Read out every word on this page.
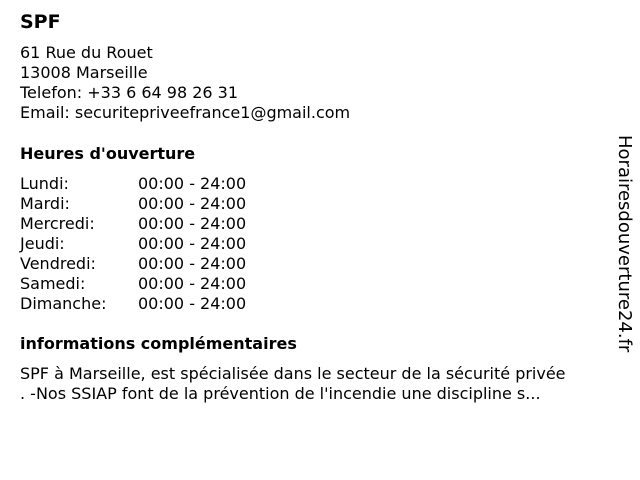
SPF
61 Rue du Rouet
13008 Marseille
Telefon: +33 6 64 98 26 31
Email: securitepriveefrance1@gmail.com
Heures d'ouverture
Lundi:	00:00 - 24:00
Mardi:	00:00 - 24:00
Mercredi:	00:00 - 24:00
Jeudi:	00:00 - 24:00
Vendredi:	00:00 - 24:00
Samedi:	00:00 - 24:00
Dimanche:	00:00 - 24:00
informations complémentaires
SPF à Marseille, est spécialisée dans le secteur de la sécurité privée
. -Nos SSIAP font de la prévention de l'incendie une discipline s...
Horairesdouverture24.fr
